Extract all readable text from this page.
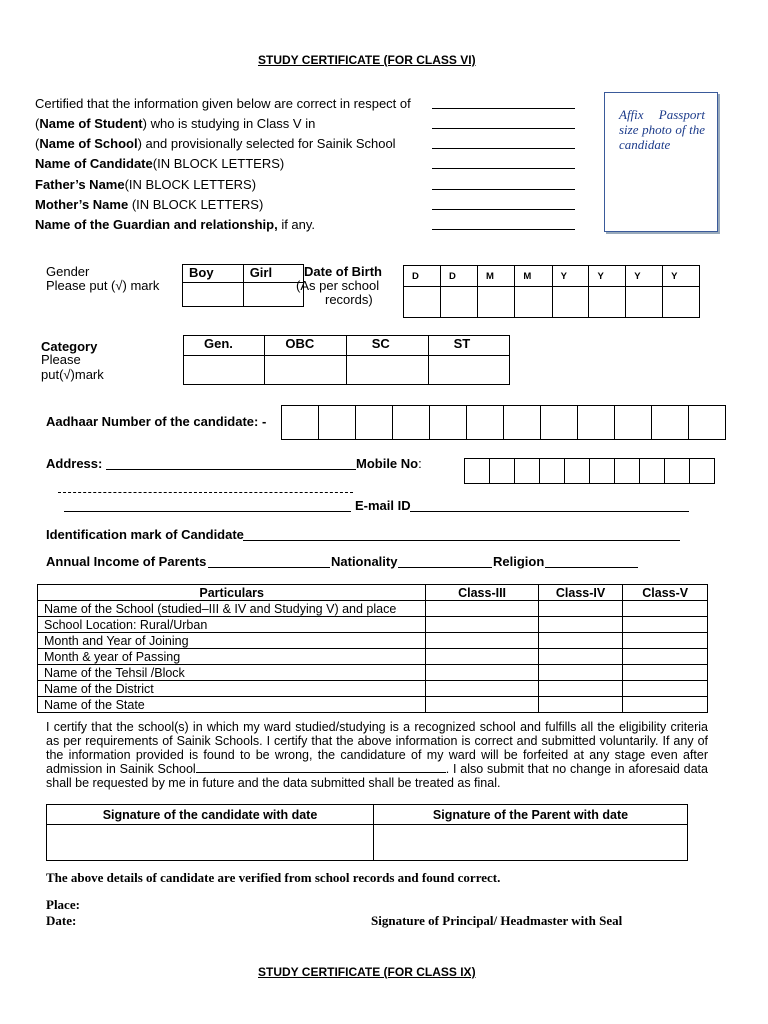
STUDY CERTIFICATE (FOR CLASS VI)
Certified that the information given below are correct in respect of
(Name of Student) who is studying in Class V in
(Name of School) and provisionally selected for Sainik School
Name of Candidate(IN BLOCK LETTERS)
Father’s Name(IN BLOCK LETTERS)
Mother’s Name (IN BLOCK LETTERS)
Name of the Guardian and relationship, if any.
Affix Passport size photo of the candidate
Gender
Please put (√) mark
Boy	Girl
	Date of Birth
(As per school
records)
D	D	M	M	Y	Y	Y	Y

Category
Please
put(√)mark
Gen.	OBC	SC	ST

Aadhaar Number of the candidate: -
Address:	Mobile No:
E-mail ID
Identification mark of Candidate
Annual Income of Parents	Nationality	Religion
Particulars	Class-III	Class-IV	Class-V
Name of the School (studied–III & IV and Studying V) and place			
School Location: Rural/Urban			
Month and Year of Joining			
Month & year of Passing			
Name of the Tehsil /Block			
Name of the District			
Name of the State			
I certify that the school(s) in which my ward studied/studying is a recognized school and fulfills all the eligibility criteria as per requirements of Sainik Schools. I certify that the above information is correct and submitted voluntarily. If any of the information provided is found to be wrong, the candidature of my ward will be forfeited at any stage even after admission in Sainik School	. I also submit that no change in aforesaid data shall be requested by me in future and the data submitted shall be treated as final.
Signature of the candidate with date	Signature of the Parent with date

The above details of candidate are verified from school records and found correct.
Place:
Date:	Signature of Principal/ Headmaster with Seal
STUDY CERTIFICATE (FOR CLASS IX)
